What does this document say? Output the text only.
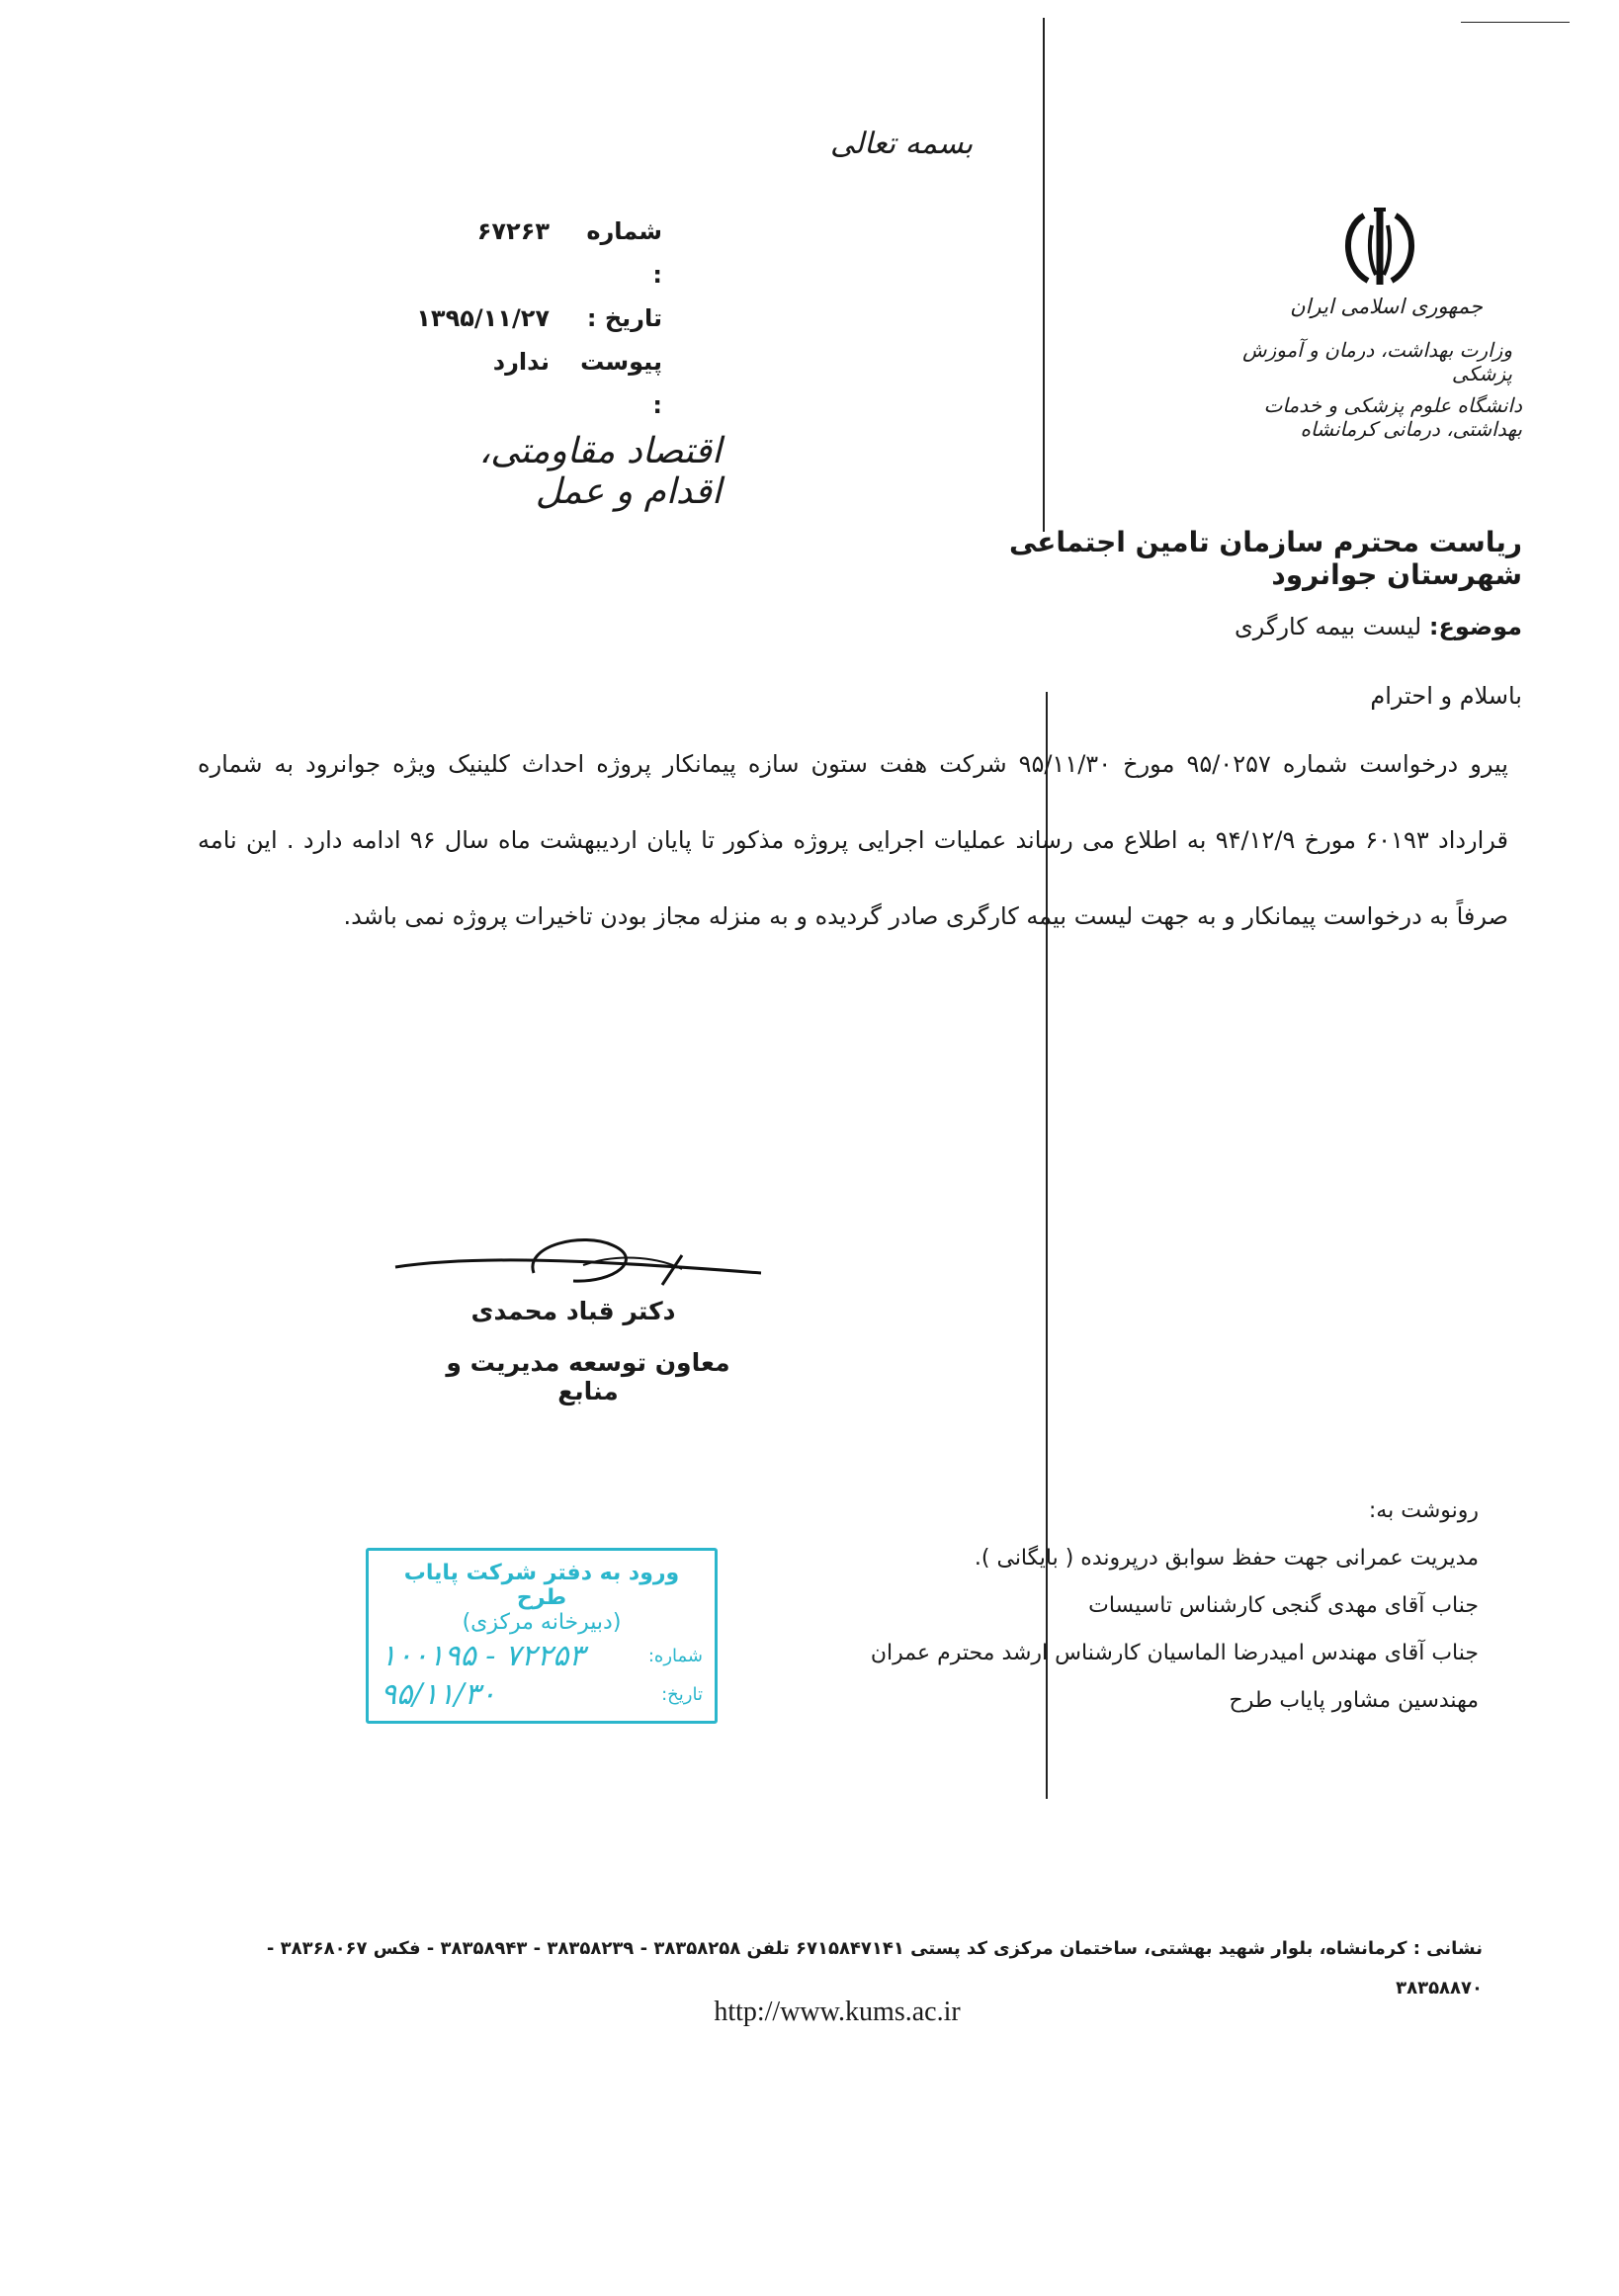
بسمه تعالی
شماره :
۶۷۲۶۳
تاریخ :
۱۳۹۵/۱۱/۲۷
پیوست :
ندارد
جمهوری اسلامی ایران
وزارت بهداشت، درمان و آموزش پزشکی
دانشگاه علوم پزشکی و خدمات بهداشتی، درمانی کرمانشاه
اقتصاد مقاومتی، اقدام و عمل
ریاست محترم سازمان تامین اجتماعی شهرستان جوانرود
موضوع: لیست بیمه کارگری
باسلام و احترام
پیرو درخواست شماره ۹۵/۰۲۵۷ مورخ ۹۵/۱۱/۳۰ شرکت هفت ستون سازه پیمانکار پروژه احداث کلینیک ویژه جوانرود به شماره قرارداد ۶۰۱۹۳ مورخ ۹۴/۱۲/۹ به اطلاع می رساند عملیات اجرایی پروژه مذکور تا پایان اردیبهشت ماه سال ۹۶ ادامه دارد . این نامه صرفاً به درخواست پیمانکار و به جهت لیست بیمه کارگری صادر گردیده و به منزله مجاز بودن تاخیرات پروژه نمی باشد.
دکتر قباد محمدی
معاون توسعه مدیریت و منابع
رونوشت به:
مدیریت عمرانی جهت حفظ سوابق درپرونده ( بایگانی ).
جناب آقای مهدی گنجی کارشناس تاسیسات
جناب آقای مهندس امیدرضا الماسیان کارشناس ارشد محترم عمران
مهندسین مشاور پایاب طرح
ورود به دفتر شرکت پایاب طرح
(دبیرخانه مرکزی)
شماره:
۷۲۲۵۳ - ۱۰۰۱۹۵
تاریخ:
۹۵/۱۱/۳۰
نشانی : کرمانشاه، بلوار شهید بهشتی، ساختمان مرکزی کد پستی ۶۷۱۵۸۴۷۱۴۱ تلفن ۳۸۳۵۸۲۵۸ - ۳۸۳۵۸۲۳۹ - ۳۸۳۵۸۹۴۳ - فکس ۳۸۳۶۸۰۶۷ - ۳۸۳۵۸۸۷۰
http://www.kums.ac.ir
